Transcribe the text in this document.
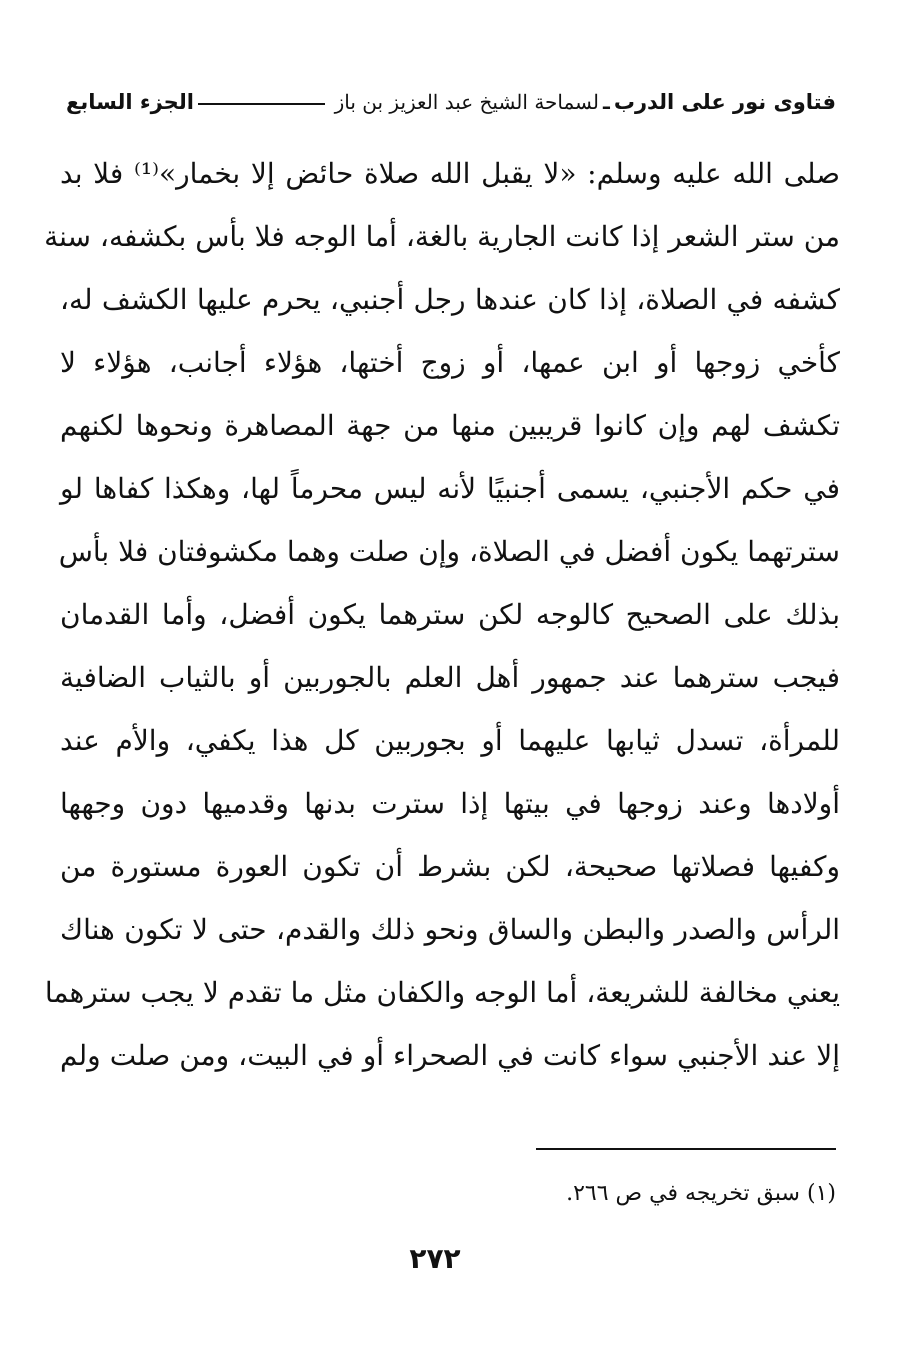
فتاوى نور على الدرب
ـ
لسماحة الشيخ عبد العزيز بن باز
الجزء السابع
صلى الله عليه وسلم: «لا يقبل الله صلاة حائض إلا بخمار»⁽¹⁾ فلا بد
من ستر الشعر إذا كانت الجارية بالغة، أما الوجه فلا بأس بكشفه، سنة
كشفه في الصلاة، إذا كان عندها رجل أجنبي، يحرم عليها الكشف له،
كأخي زوجها أو ابن عمها، أو زوج أختها، هؤلاء أجانب، هؤلاء لا
تكشف لهم وإن كانوا قريبين منها من جهة المصاهرة ونحوها لكنهم
في حكم الأجنبي، يسمى أجنبيًا لأنه ليس محرماً لها، وهكذا كفاها لو
سترتهما يكون أفضل في الصلاة، وإن صلت وهما مكشوفتان فلا بأس
بذلك على الصحيح كالوجه لكن سترهما يكون أفضل، وأما القدمان
فيجب سترهما عند جمهور أهل العلم بالجوربين أو بالثياب الضافية
للمرأة، تسدل ثيابها عليهما أو بجوربين كل هذا يكفي، والأم عند
أولادها وعند زوجها في بيتها إذا سترت بدنها وقدميها دون وجهها
وكفيها فصلاتها صحيحة، لكن بشرط أن تكون العورة مستورة من
الرأس والصدر والبطن والساق ونحو ذلك والقدم، حتى لا تكون هناك
يعني مخالفة للشريعة، أما الوجه والكفان مثل ما تقدم لا يجب سترهما
إلا عند الأجنبي سواء كانت في الصحراء أو في البيت، ومن صلت ولم
(١) سبق تخريجه في ص ٢٦٦.
٢٧٢
